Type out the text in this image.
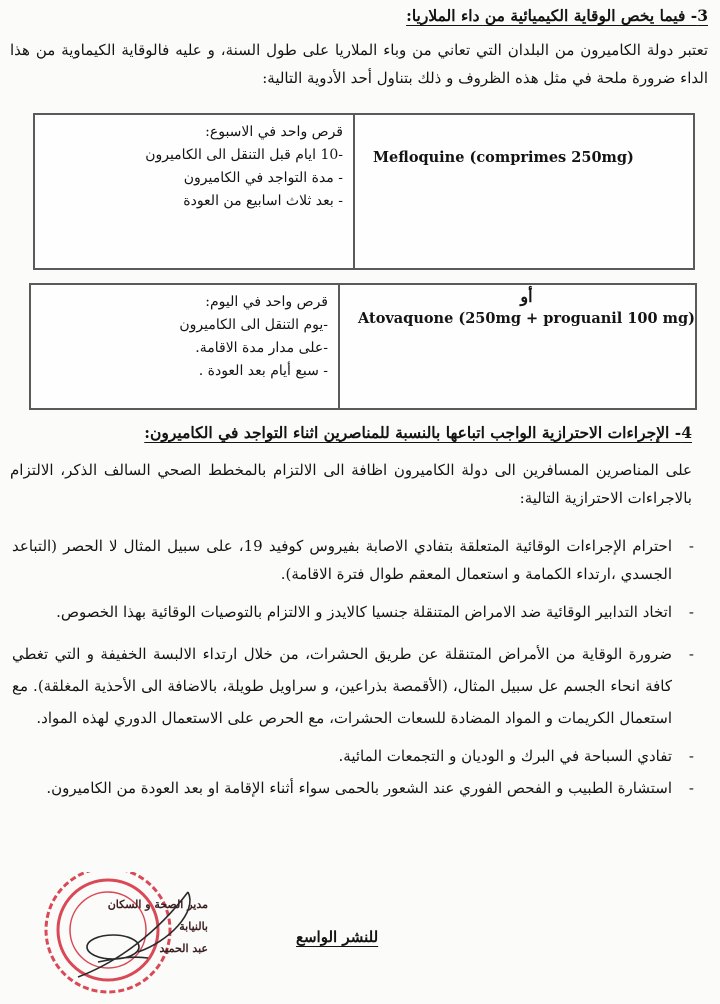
3- فيما يخص الوقاية الكيميائية من داء الملاريا:
تعتبر دولة الكاميرون من البلدان التي تعاني من وباء الملاريا على طول السنة، و عليه فالوقاية الكيماوية من هذا الداء ضرورة ملحة في مثل هذه الظروف و ذلك بتناول أحد الأدوية التالية:
قرص واحد في الاسبوع:
-10 ايام قبل التنقل الى الكاميرون
- مدة التواجد في الكاميرون
- بعد ثلاث اسابيع من العودة

Mefloquine (comprimes 250mg)
قرص واحد في اليوم:
-يوم التنقل الى الكاميرون
-على مدار مدة الاقامة.
- سبع أيام بعد العودة .

أو
Atovaquone (250mg + proguanil 100 mg)
4- الإجراءات الاحترازية الواجب اتباعها بالنسبة للمناصرين اثناء التواجد في الكاميرون:
على المناصرين المسافرين الى دولة الكاميرون اظافة الى الالتزام بالمخطط الصحي السالف الذكر، الالتزام بالاجراءات الاحترازية التالية:
-
احترام الإجراءات الوقائية المتعلقة بتفادي الاصابة بفيروس كوفيد 19، على سبيل المثال لا الحصر (التباعد الجسدي ،ارتداء الكمامة و استعمال المعقم طوال فترة الاقامة).
-
اتخاد التدابير الوقائية ضد الامراض المتنقلة جنسيا كالايدز و الالتزام بالتوصيات الوقائية بهذا الخصوص.
-
ضرورة الوقاية من الأمراض المتنقلة عن طريق الحشرات، من خلال ارتداء الالبسة الخفيفة و التي تغطي كافة انحاء الجسم عل سبيل المثال، (الأقمصة بذراعين، و سراويل طويلة، بالاضافة الى الأحذية المغلقة). مع استعمال الكريمات و المواد المضادة للسعات الحشرات، مع الحرص على الاستعمال الدوري لهذه المواد.
-
تفادي السباحة في البرك و الوديان و التجمعات المائية.
-
استشارة الطبيب و الفحص الفوري عند الشعور بالحمى سواء أثناء الإقامة او بعد العودة من الكاميرون.
للنشر الواسع
مدير الصحة و السكان
بالنيابة
عبد الحميد
